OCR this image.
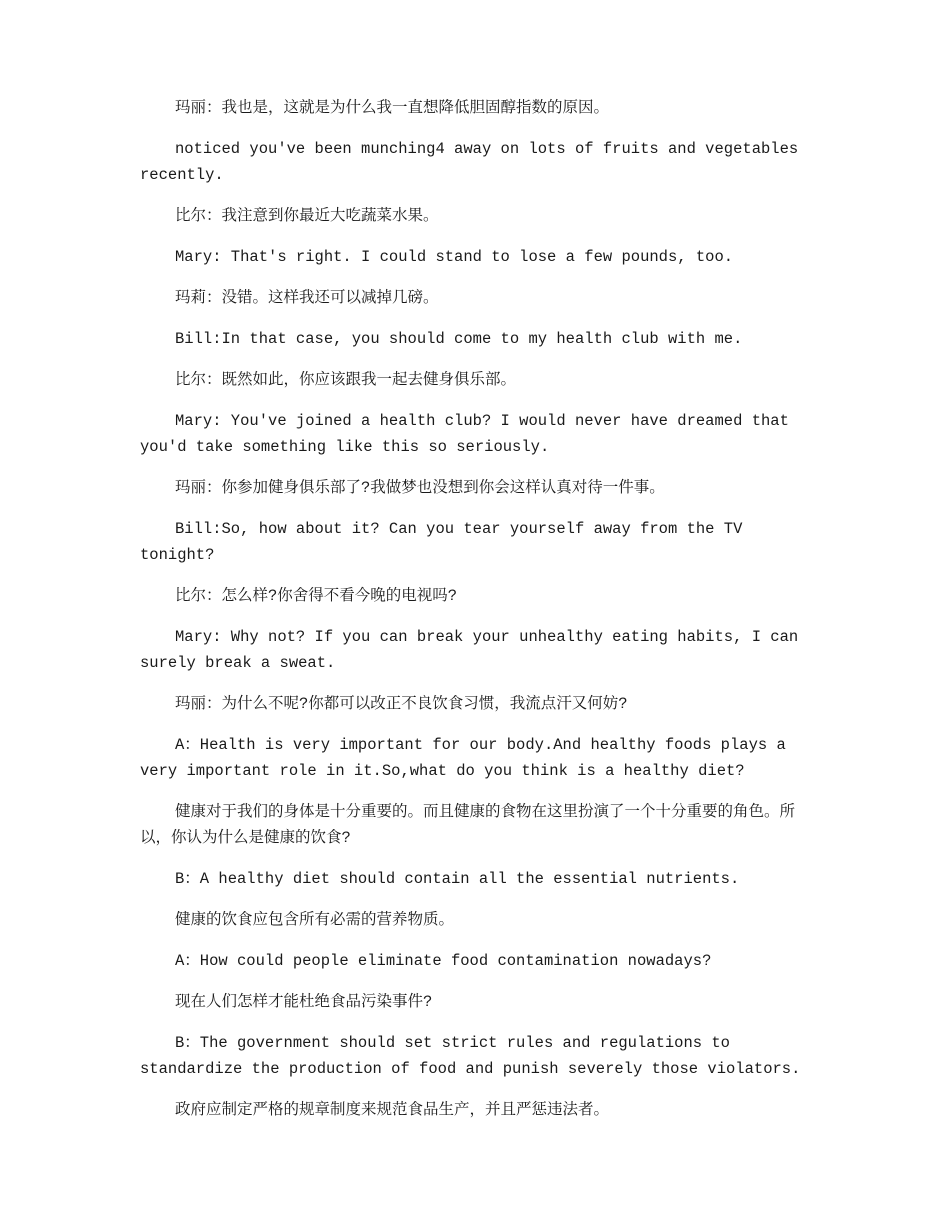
玛丽：我也是，这就是为什么我一直想降低胆固醇指数的原因。

noticed you've been munching4 away on lots of fruits and vegetables recently.

比尔：我注意到你最近大吃蔬菜水果。

Mary: That's right. I could stand to lose a few pounds, too.

玛莉：没错。这样我还可以减掉几磅。

Bill:In that case, you should come to my health club with me.

比尔：既然如此，你应该跟我一起去健身俱乐部。

Mary: You've joined a health club? I would never have dreamed that you'd take something like this so seriously.

玛丽：你参加健身俱乐部了?我做梦也没想到你会这样认真对待一件事。

Bill:So, how about it? Can you tear yourself away from the TV tonight?

比尔：怎么样?你舍得不看今晚的电视吗?

Mary: Why not? If you can break your unhealthy eating habits, I can surely break a sweat.

玛丽：为什么不呢?你都可以改正不良饮食习惯，我流点汗又何妨?

A：Health is very important for our body.And healthy foods plays a very important role in it.So,what do you think is a healthy diet?

健康对于我们的身体是十分重要的。而且健康的食物在这里扮演了一个十分重要的角色。所以，你认为什么是健康的饮食?

B：A healthy diet should contain all the essential nutrients.

健康的饮食应包含所有必需的营养物质。

A：How could people eliminate food contamination nowadays?

现在人们怎样才能杜绝食品污染事件?

B：The government should set strict rules and regulations to standardize the production of food and punish severely those violators.

政府应制定严格的规章制度来规范食品生产，并且严惩违法者。
